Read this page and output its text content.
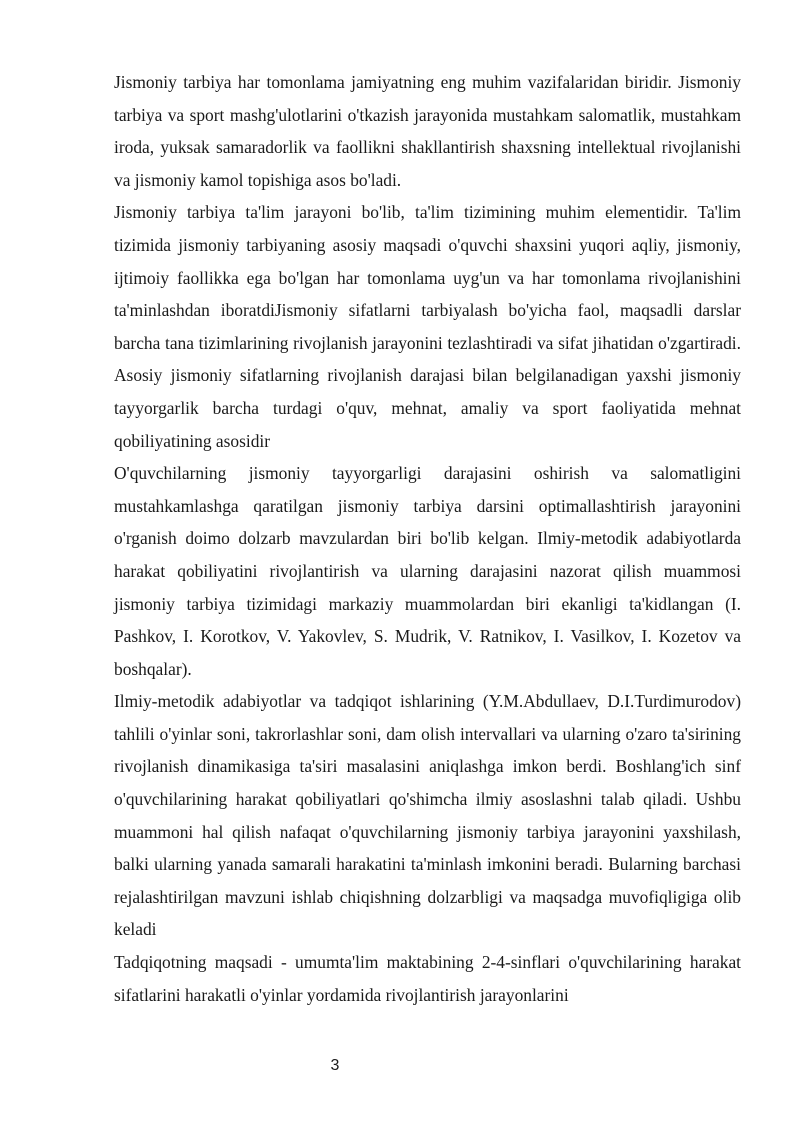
Jismoniy tarbiya har tomonlama jamiyatning eng muhim vazifalaridan biridir. Jismoniy tarbiya va sport mashg'ulotlarini o'tkazish jarayonida mustahkam salomatlik, mustahkam iroda, yuksak samaradorlik va faollikni shakllantirish shaxsning intellektual rivojlanishi va jismoniy kamol topishiga asos bo'ladi.

Jismoniy tarbiya ta'lim jarayoni bo'lib, ta'lim tizimining muhim elementidir. Ta'lim tizimida jismoniy tarbiyaning asosiy maqsadi o'quvchi shaxsini yuqori aqliy, jismoniy, ijtimoiy faollikka ega bo'lgan har tomonlama uyg'un va har tomonlama rivojlanishini ta'minlashdan iboratdiJismoniy sifatlarni tarbiyalash bo'yicha faol, maqsadli darslar barcha tana tizimlarining rivojlanish jarayonini tezlashtiradi va sifat jihatidan o'zgartiradi. Asosiy jismoniy sifatlarning rivojlanish darajasi bilan belgilanadigan yaxshi jismoniy tayyorgarlik barcha turdagi o'quv, mehnat, amaliy va sport faoliyatida mehnat qobiliyatining asosidir

O'quvchilarning jismoniy tayyorgarligi darajasini oshirish va salomatligini mustahkamlashga qaratilgan jismoniy tarbiya darsini optimallashtirish jarayonini o'rganish doimo dolzarb mavzulardan biri bo'lib kelgan. Ilmiy-metodik adabiyotlarda harakat qobiliyatini rivojlantirish va ularning darajasini nazorat qilish muammosi jismoniy tarbiya tizimidagi markaziy muammolardan biri ekanligi ta'kidlangan (I. Pashkov, I. Korotkov, V. Yakovlev, S. Mudrik, V. Ratnikov, I. Vasilkov, I. Kozetov va boshqalar).

Ilmiy-metodik adabiyotlar va tadqiqot ishlarining (Y.M.Abdullaev, D.I.Turdimurodov) tahlili o'yinlar soni, takrorlashlar soni, dam olish intervallari va ularning o'zaro ta'sirining rivojlanish dinamikasiga ta'siri masalasini aniqlashga imkon berdi. Boshlang'ich sinf o'quvchilarining harakat qobiliyatlari qo'shimcha ilmiy asoslashni talab qiladi. Ushbu muammoni hal qilish nafaqat o'quvchilarning jismoniy tarbiya jarayonini yaxshilash, balki ularning yanada samarali harakatini ta'minlash imkonini beradi. Bularning barchasi rejalashtirilgan mavzuni ishlab chiqishning dolzarbligi va maqsadga muvofiqligiga olib keladi

Tadqiqotning maqsadi - umumta'lim maktabining 2-4-sinflari o'quvchilarining harakat sifatlarini harakatli o'yinlar yordamida rivojlantirish jarayonlarini

3
